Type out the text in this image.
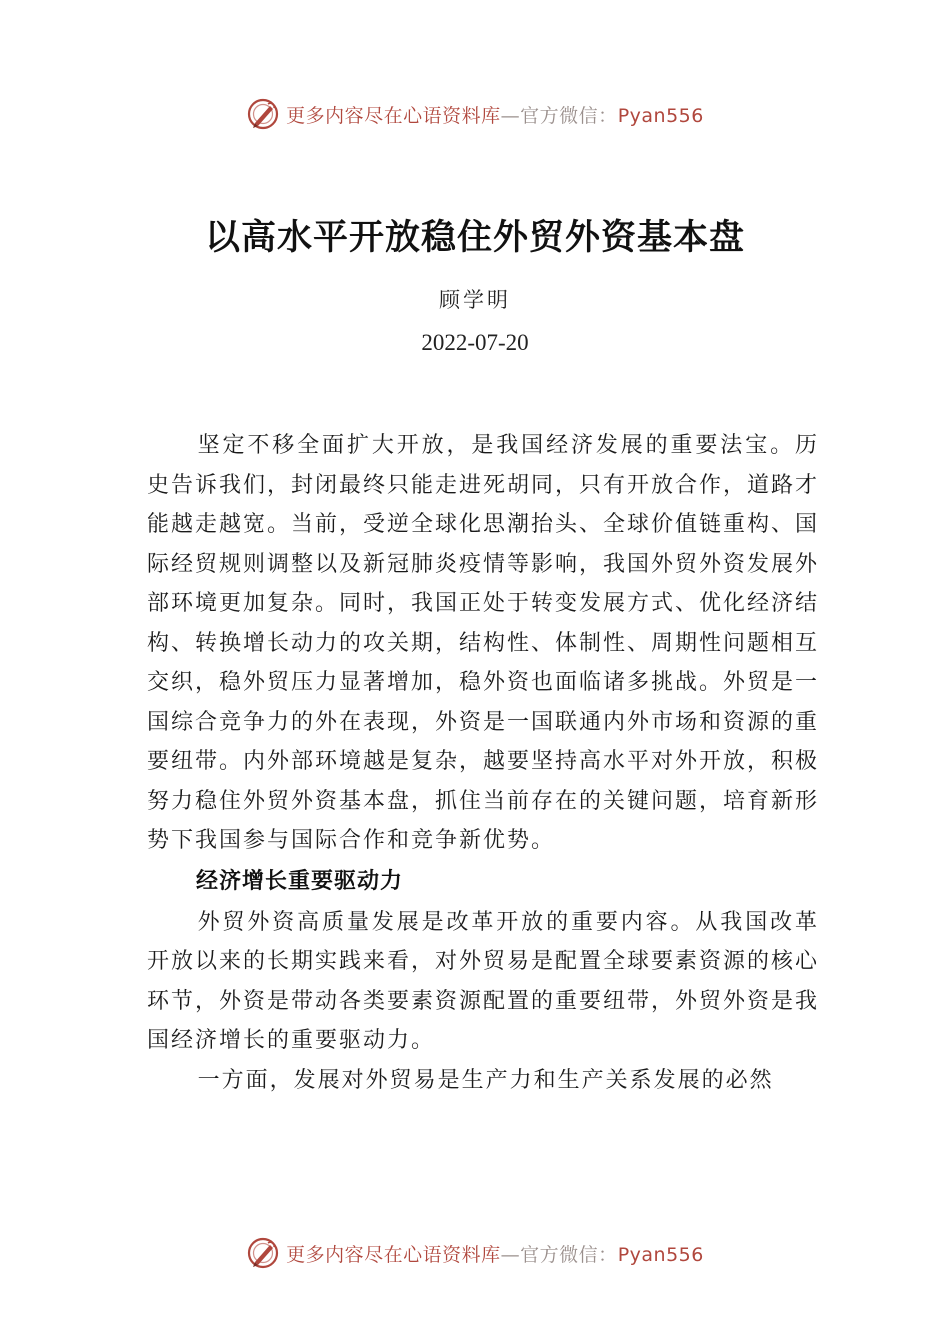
更多内容尽在心语资料库—官方微信：Pyan556
以高水平开放稳住外贸外资基本盘
顾学明
2022-07-20

坚定不移全面扩大开放，是我国经济发展的重要法宝。历史告诉我们，封闭最终只能走进死胡同，只有开放合作，道路才能越走越宽。当前，受逆全球化思潮抬头、全球价值链重构、国际经贸规则调整以及新冠肺炎疫情等影响，我国外贸外资发展外部环境更加复杂。同时，我国正处于转变发展方式、优化经济结构、转换增长动力的攻关期，结构性、体制性、周期性问题相互交织，稳外贸压力显著增加，稳外资也面临诸多挑战。外贸是一国综合竞争力的外在表现，外资是一国联通内外市场和资源的重要纽带。内外部环境越是复杂，越要坚持高水平对外开放，积极努力稳住外贸外资基本盘，抓住当前存在的关键问题，培育新形势下我国参与国际合作和竞争新优势。

经济增长重要驱动力

外贸外资高质量发展是改革开放的重要内容。从我国改革开放以来的长期实践来看，对外贸易是配置全球要素资源的核心环节，外资是带动各类要素资源配置的重要纽带，外贸外资是我国经济增长的重要驱动力。

一方面，发展对外贸易是生产力和生产关系发展的必然

更多内容尽在心语资料库—官方微信：Pyan556
